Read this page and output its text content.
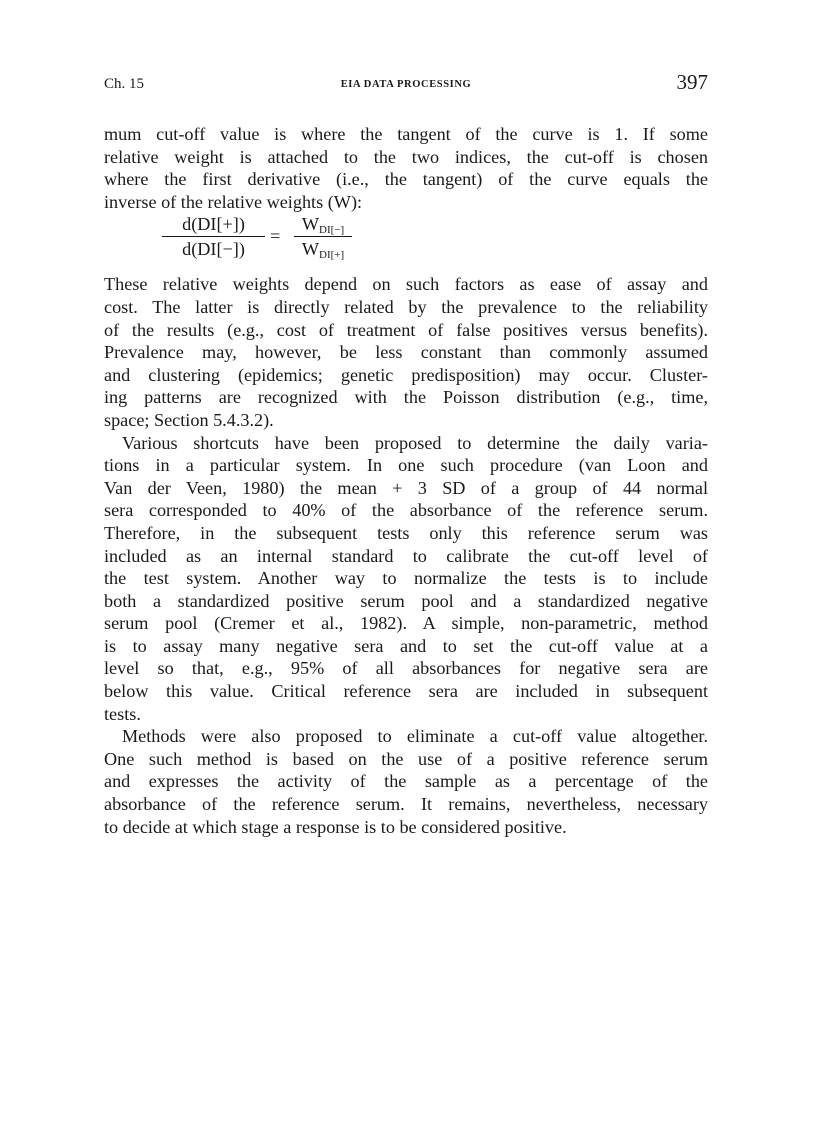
Ch. 15	EIA DATA PROCESSING	397
mum cut-off value is where the tangent of the curve is 1. If some
relative weight is attached to the two indices, the cut-off is chosen
where the first derivative (i.e., the tangent) of the curve equals the
inverse of the relative weights (W):
d(DI[+])
d(DI[−])
=
$W_{DI[-]}$
$W_{DI[+]}$
These relative weights depend on such factors as ease of assay and
cost. The latter is directly related by the prevalence to the reliability
of the results (e.g., cost of treatment of false positives versus benefits).
Prevalence may, however, be less constant than commonly assumed
and clustering (epidemics; genetic predisposition) may occur. Cluster-
ing patterns are recognized with the Poisson distribution (e.g., time,
space; Section 5.4.3.2).
Various shortcuts have been proposed to determine the daily varia-
tions in a particular system. In one such procedure (van Loon and
Van der Veen, 1980) the mean + 3 SD of a group of 44 normal
sera corresponded to 40% of the absorbance of the reference serum.
Therefore, in the subsequent tests only this reference serum was
included as an internal standard to calibrate the cut-off level of
the test system. Another way to normalize the tests is to include
both a standardized positive serum pool and a standardized negative
serum pool (Cremer et al., 1982). A simple, non-parametric, method
is to assay many negative sera and to set the cut-off value at a
level so that, e.g., 95% of all absorbances for negative sera are
below this value. Critical reference sera are included in subsequent
tests.
Methods were also proposed to eliminate a cut-off value altogether.
One such method is based on the use of a positive reference serum
and expresses the activity of the sample as a percentage of the
absorbance of the reference serum. It remains, nevertheless, necessary
to decide at which stage a response is to be considered positive.
